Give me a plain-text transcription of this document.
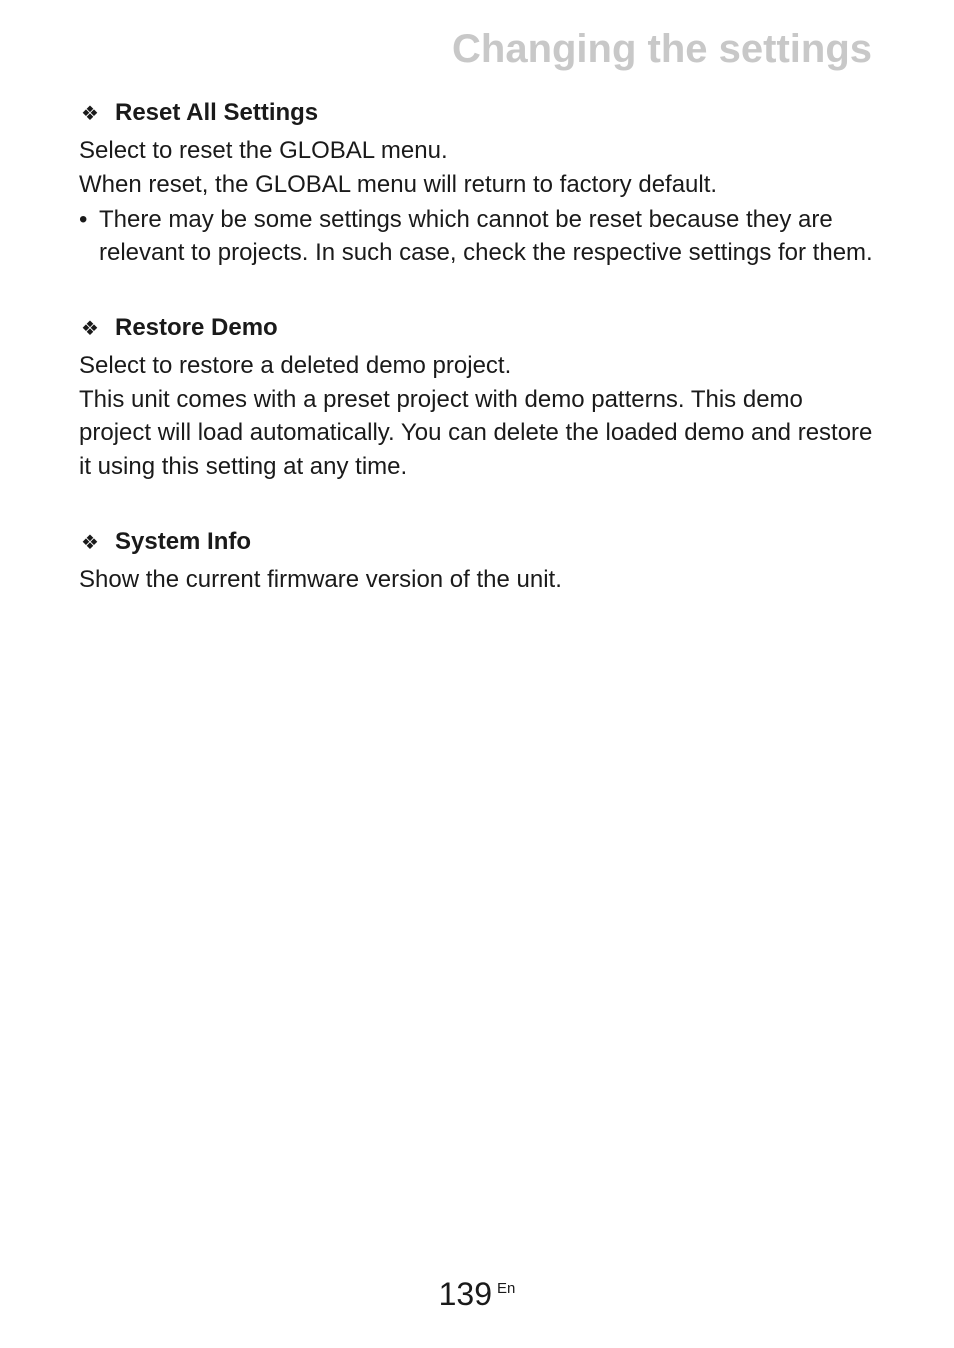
Changing the settings
❖ Reset All Settings

Select to reset the GLOBAL menu.

When reset, the GLOBAL menu will return to factory default.

• There may be some settings which cannot be reset because they are relevant to projects. In such case, check the respective settings for them.
❖ Restore Demo

Select to restore a deleted demo project.

This unit comes with a preset project with demo patterns. This demo project will load automatically. You can delete the loaded demo and restore it using this setting at any time.

❖ System Info

Show the current firmware version of the unit.

139 En
